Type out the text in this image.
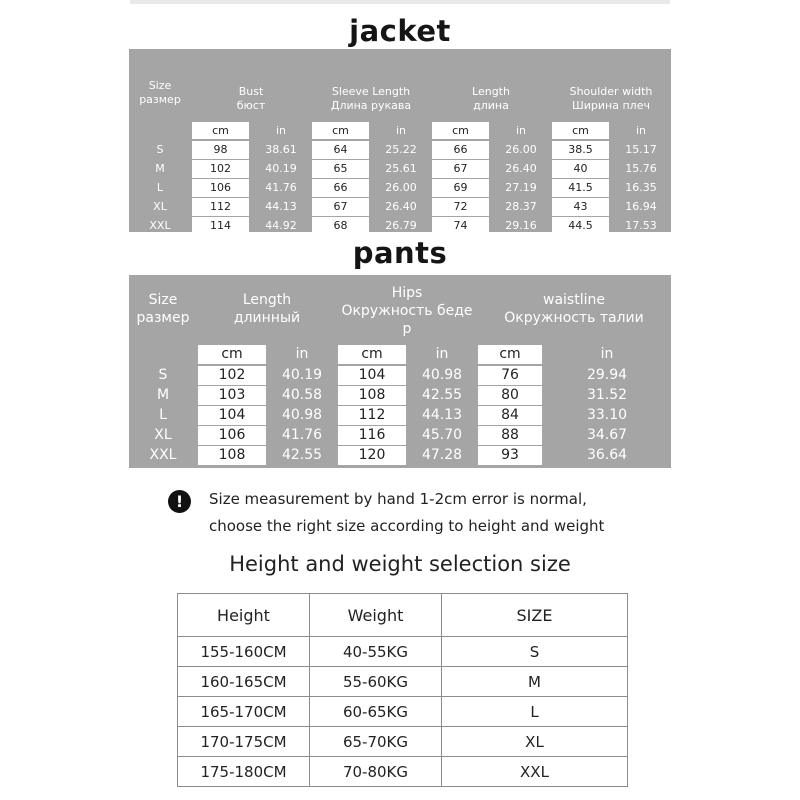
jacket
Size
размер
Bust
бюст
Sleeve Length
Длина рукава
Length
длина
Shoulder width
Ширина плеч
cm	in	cm	in	cm	in	cm	in
S	98	38.61	64	25.22	66	26.00	38.5	15.17
M	102	40.19	65	25.61	67	26.40	40	15.76
L	106	41.76	66	26.00	69	27.19	41.5	16.35
XL	112	44.13	67	26.40	72	28.37	43	16.94
XXL	114	44.92	68	26.79	74	29.16	44.5	17.53
pants
Size
размер
Length
длинный
Hips
Окружность беде
р
waistline
Окружность талии
cm	in	cm	in	cm	in
S	102	40.19	104	40.98	76	29.94
M	103	40.58	108	42.55	80	31.52
L	104	40.98	112	44.13	84	33.10
XL	106	41.76	116	45.70	88	34.67
XXL	108	42.55	120	47.28	93	36.64
!	Size measurement by hand 1-2cm error is normal,
choose the right size according to height and weight
Height and weight selection size
Height	Weight	SIZE
155-160CM	40-55KG	S
160-165CM	55-60KG	M
165-170CM	60-65KG	L
170-175CM	65-70KG	XL
175-180CM	70-80KG	XXL
